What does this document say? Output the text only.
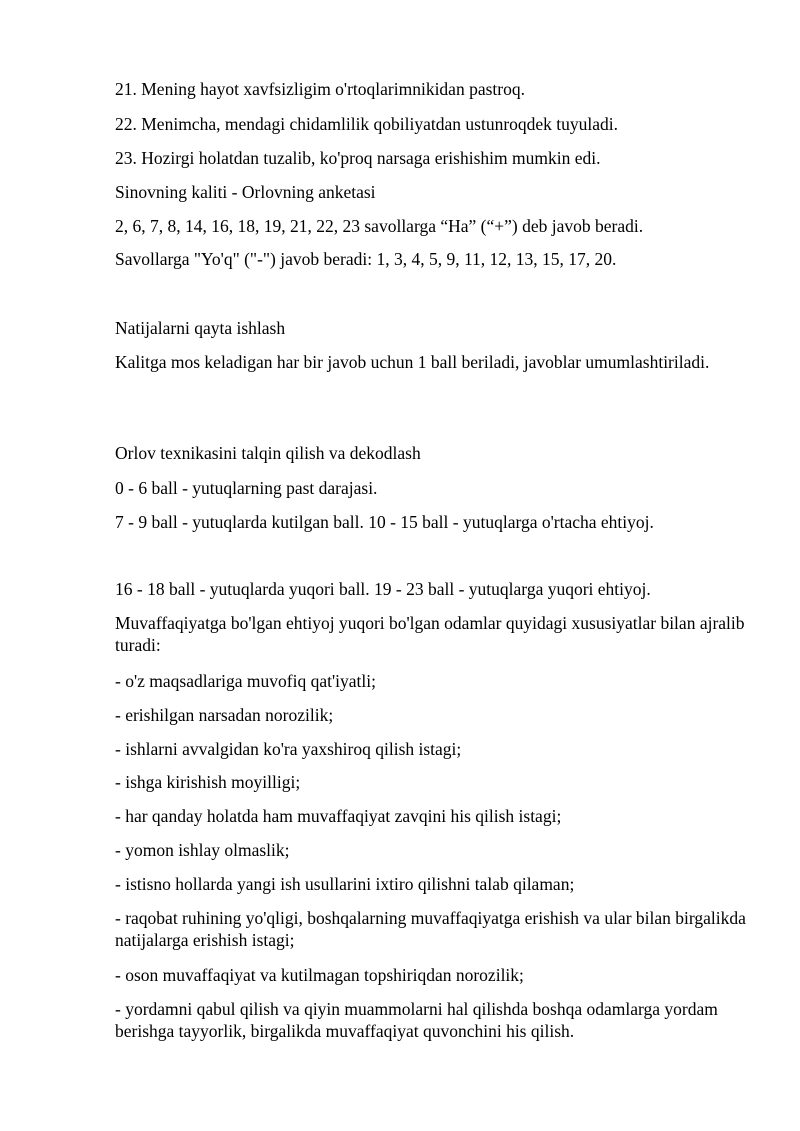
21. Mening hayot xavfsizligim o'rtoqlarimnikidan pastroq.

22. Menimcha, mendagi chidamlilik qobiliyatdan ustunroqdek tuyuladi.

23. Hozirgi holatdan tuzalib, ko'proq narsaga erishishim mumkin edi.

Sinovning kaliti - Orlovning anketasi

2, 6, 7, 8, 14, 16, 18, 19, 21, 22, 23 savollarga “Ha” (“+”) deb javob beradi.

Savollarga "Yo'q" ("-") javob beradi: 1, 3, 4, 5, 9, 11, 12, 13, 15, 17, 20.

Natijalarni qayta ishlash

Kalitga mos keladigan har bir javob uchun 1 ball beriladi, javoblar umumlashtiriladi.

Orlov texnikasini talqin qilish va dekodlash

0 - 6 ball - yutuqlarning past darajasi.

7 - 9 ball - yutuqlarda kutilgan ball. 10 - 15 ball - yutuqlarga o'rtacha ehtiyoj.

16 - 18 ball - yutuqlarda yuqori ball. 19 - 23 ball - yutuqlarga yuqori ehtiyoj.

Muvaffaqiyatga bo'lgan ehtiyoj yuqori bo'lgan odamlar quyidagi xususiyatlar bilan ajralib turadi:

- o'z maqsadlariga muvofiq qat'iyatli;

- erishilgan narsadan norozilik;

- ishlarni avvalgidan ko'ra yaxshiroq qilish istagi;

- ishga kirishish moyilligi;

- har qanday holatda ham muvaffaqiyat zavqini his qilish istagi;

- yomon ishlay olmaslik;

- istisno hollarda yangi ish usullarini ixtiro qilishni talab qilaman;

- raqobat ruhining yo'qligi, boshqalarning muvaffaqiyatga erishish va ular bilan birgalikda natijalarga erishish istagi;

- oson muvaffaqiyat va kutilmagan topshiriqdan norozilik;

- yordamni qabul qilish va qiyin muammolarni hal qilishda boshqa odamlarga yordam berishga tayyorlik, birgalikda muvaffaqiyat quvonchini his qilish.
